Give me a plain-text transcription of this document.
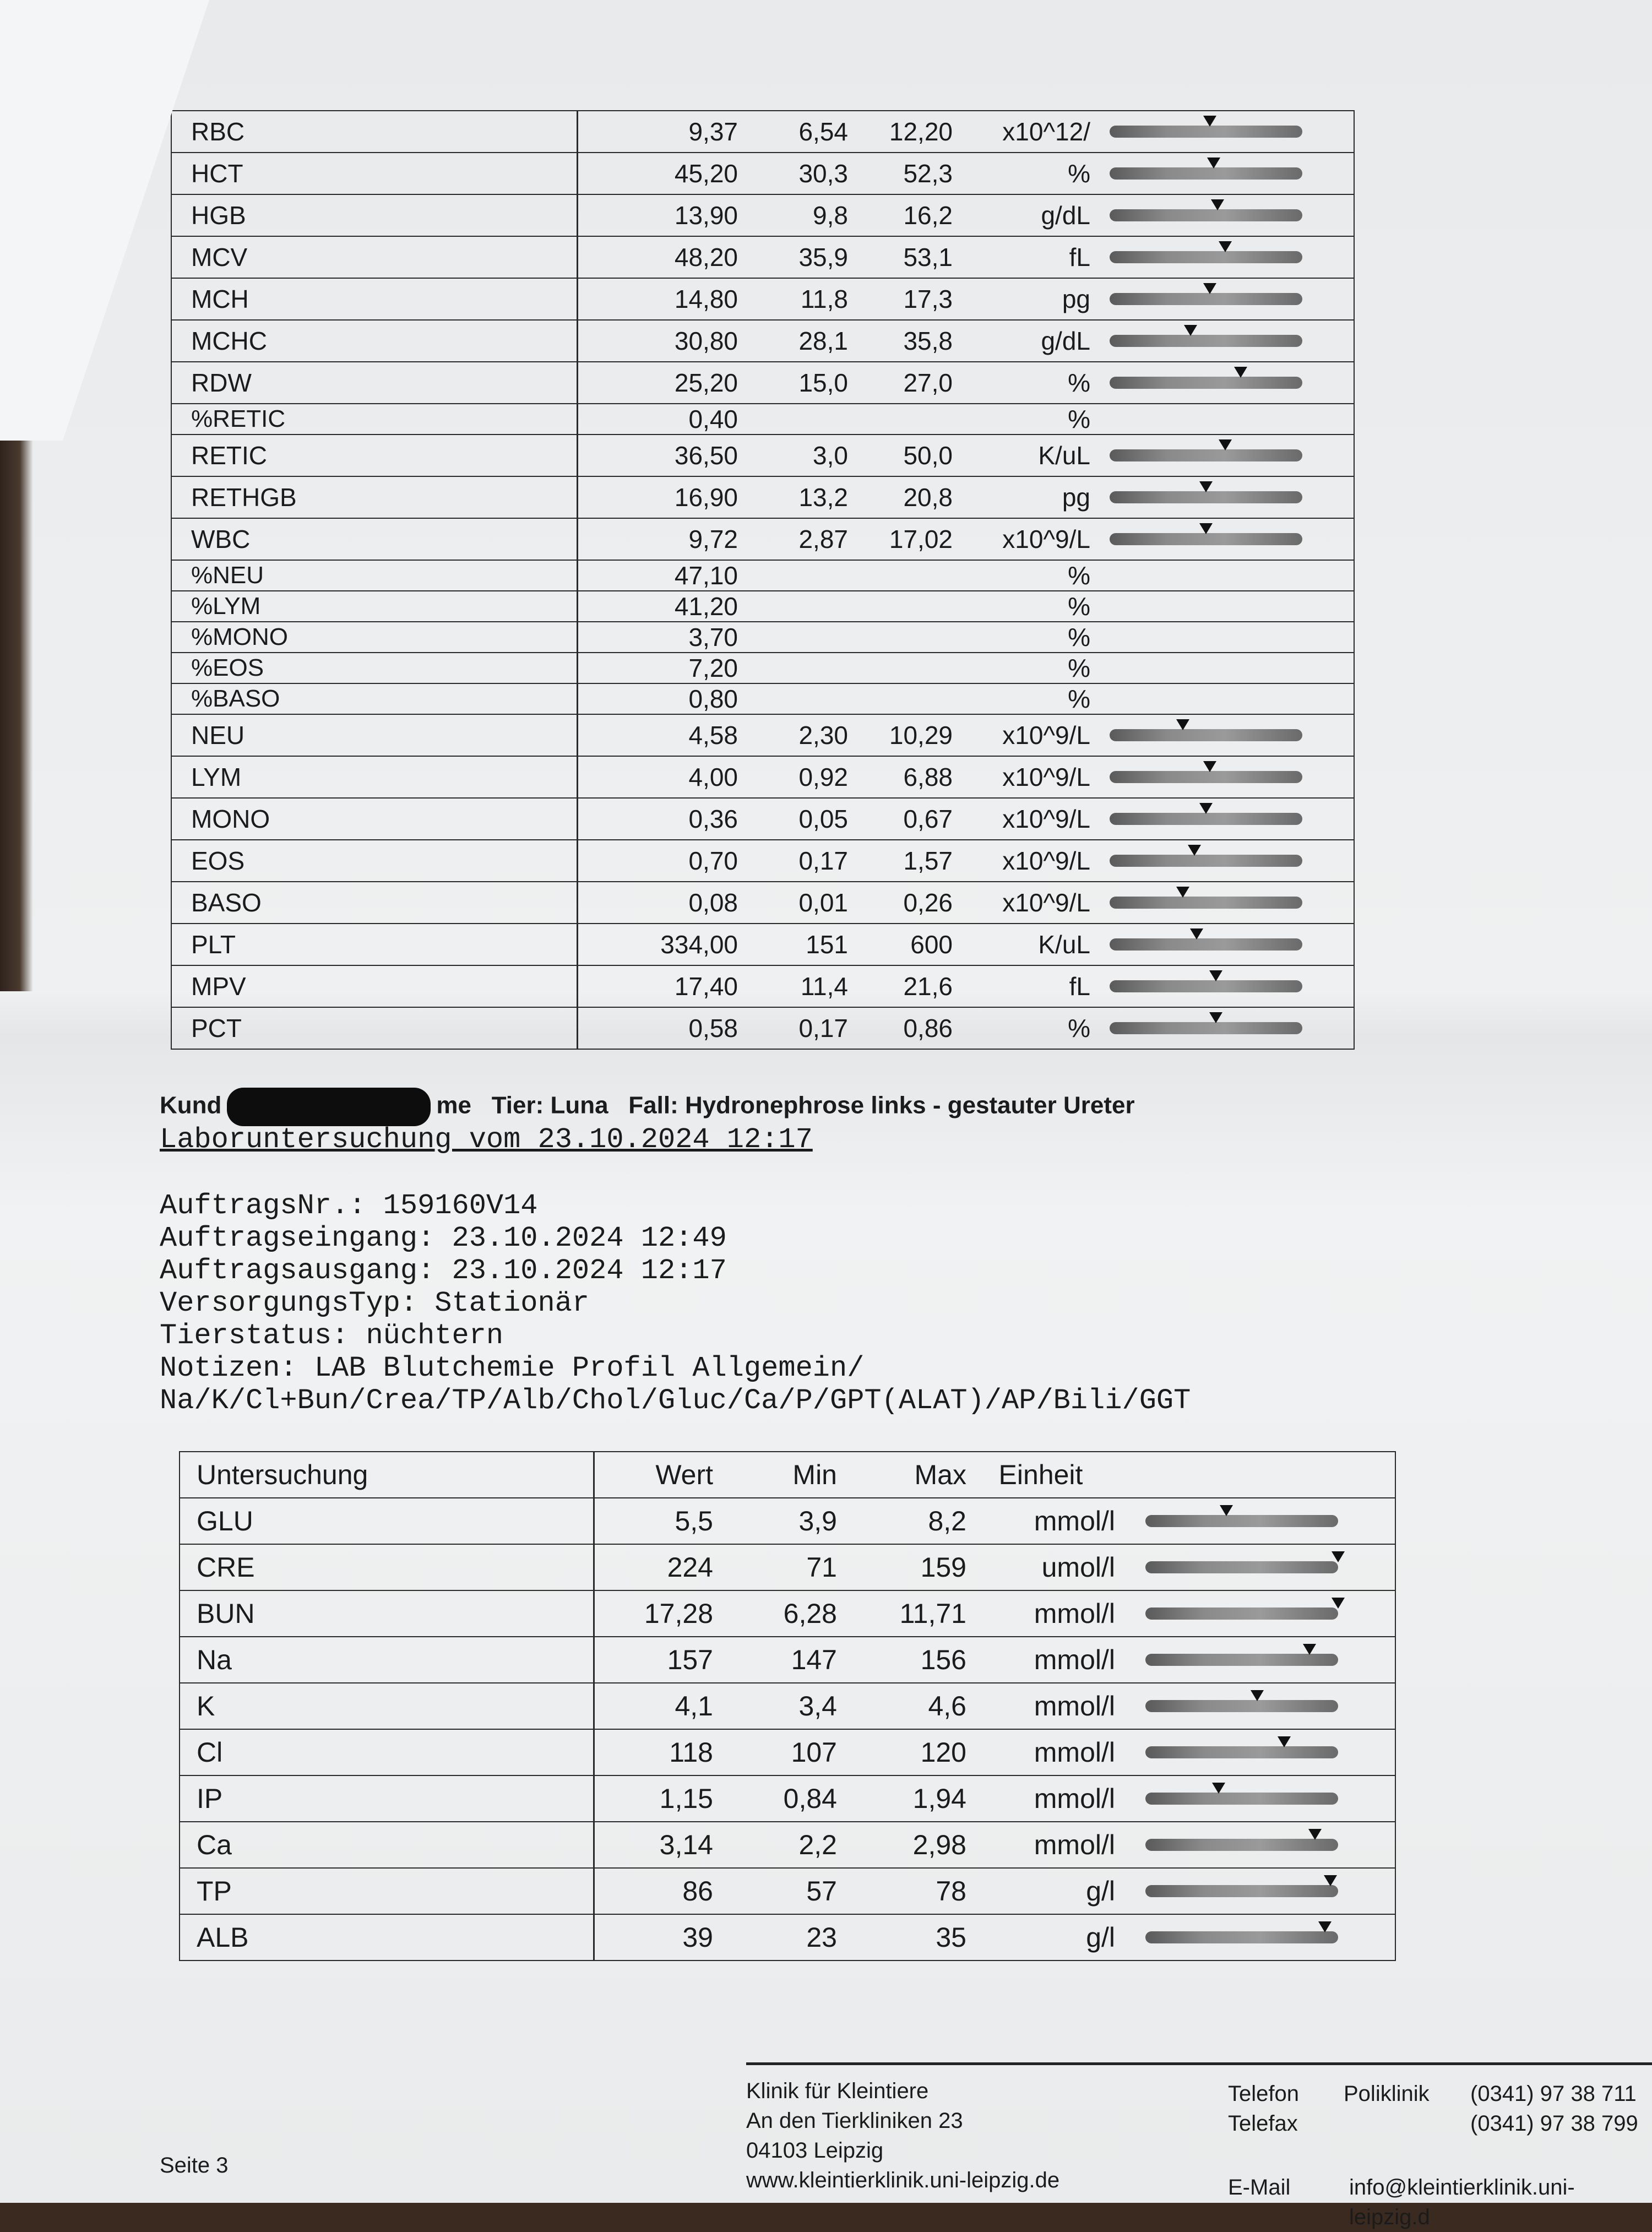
RBC	9,37 6,54 12,20 x10^12/

HCT	45,20 30,3 52,3 %

HGB	13,90 9,8 16,2 g/dL

MCV	48,20 35,9 53,1 fL

MCH	14,80 11,8 17,3 pg

MCHC	30,80 28,1 35,8 g/dL

RDW	25,20 15,0 27,0 %

%RETIC	0,40 %

RETIC	36,50 3,0 50,0 K/uL

RETHGB	16,90 13,2 20,8 pg

WBC	9,72 2,87 17,02 x10^9/L

%NEU	47,10 %

%LYM	41,20 %

%MONO	3,70 %

%EOS	7,20 %

%BASO	0,80 %

NEU	4,58 2,30 10,29 x10^9/L

LYM	4,00 0,92 6,88 x10^9/L

MONO	0,36 0,05 0,67 x10^9/L

EOS	0,70 0,17 1,57 x10^9/L

BASO	0,08 0,01 0,26 x10^9/L

PLT	334,00 151 600 K/uL

MPV	17,40 11,4 21,6 fL

PCT	0,58 0,17 0,86 %
Kund	me Tier: Luna Fall: Hydronephrose links - gestauter Ureter
Laboruntersuchung vom 23.10.2024 12:17
AuftragsNr.: 159160V14
Auftragseingang: 23.10.2024 12:49
Auftragsausgang: 23.10.2024 12:17
VersorgungsTyp: Stationär
Tierstatus: nüchtern
Notizen: LAB Blutchemie Profil Allgemein/
Na/K/Cl+Bun/Crea/TP/Alb/Chol/Gluc/Ca/P/GPT(ALAT)/AP/Bili/GGT
Untersuchung	Wert Min Max Einheit

GLU	5,5 3,9 8,2 mmol/l

CRE	224 71 159 umol/l

BUN	17,28 6,28 11,71 mmol/l

Na	157 147 156 mmol/l

K	4,1 3,4 4,6 mmol/l

Cl	118 107 120 mmol/l

IP	1,15 0,84 1,94 mmol/l

Ca	3,14 2,2 2,98 mmol/l

TP	86 57 78 g/l

ALB	39 23 35 g/l
Seite 3
Klinik für Kleintiere
An den Tierkliniken 23
04103 Leipzig
www.kleintierklinik.uni-leipzig.de
Telefon
Telefax
Poliklinik (0341) 97 38 711
(0341) 97 38 799
E-Mail	info@kleintierklinik.uni-leipzig.d
